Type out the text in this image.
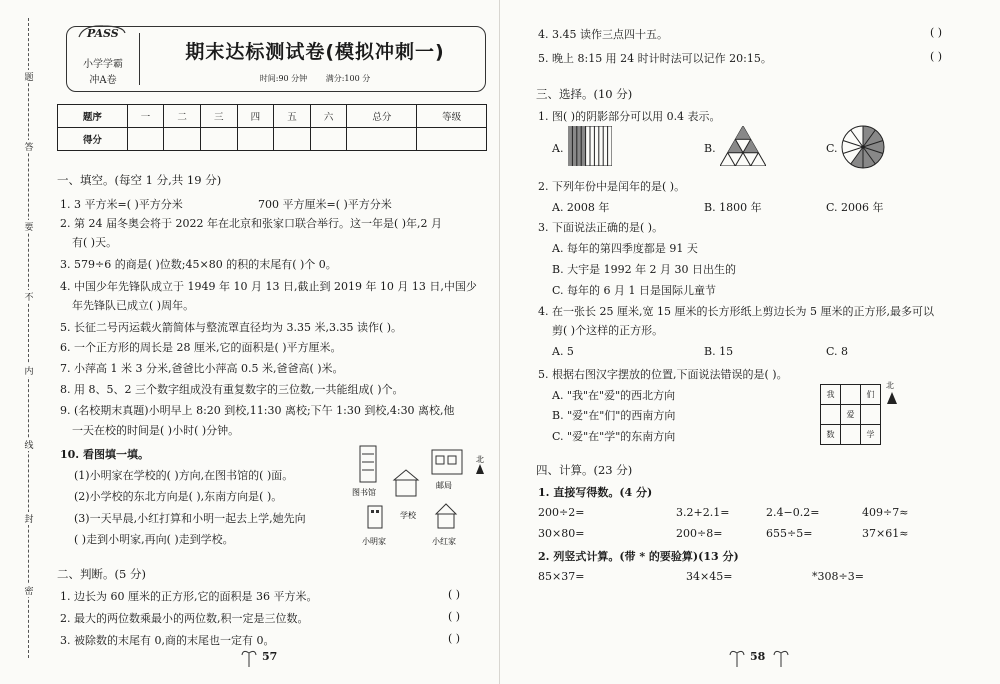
题
答
要
不
内
线
封
密
PASS
小学学霸
冲A卷
期末达标测试卷(模拟冲刺一)
时间:90 分钟 满分:100 分
题序	一	二	三	四	五	六	总分	等级
得分								
一、填空。(每空 1 分,共 19 分)
1. 3 平方米=( )平方分米	700 平方厘米=( )平方分米
2. 第 24 届冬奥会将于 2022 年在北京和张家口联合举行。这一年是( )年,2 月
有( )天。
3. 579÷6 的商是( )位数;45×80 的积的末尾有( )个 0。
4. 中国少年先锋队成立于 1949 年 10 月 13 日,截止到 2019 年 10 月 13 日,中国少
年先锋队已成立( )周年。
5. 长征二号丙运载火箭简体与整流罩直径均为 3.35 米,3.35 读作( )。
6. 一个正方形的周长是 28 厘米,它的面积是( )平方厘米。
7. 小萍高 1 米 3 分米,爸爸比小萍高 0.5 米,爸爸高( )米。
8. 用 8、5、2 三个数字组成没有重复数字的三位数,一共能组成( )个。
9. (名校期末真题)小明早上 8:20 到校,11:30 离校;下午 1:30 到校,4:30 离校,他
一天在校的时间是( )小时( )分钟。
10. 看图填一填。
(1)小明家在学校的( )方向,在图书馆的( )面。
(2)小学校的东北方向是( ),东南方向是( )。
(3)一天早晨,小红打算和小明一起去上学,她先向
( )走到小明家,再向( )走到学校。
图书馆
邮局
北
学校
小明家	小红家
二、判断。(5 分)
1. 边长为 60 厘米的正方形,它的面积是 36 平方米。	( )
2. 最大的两位数乘最小的两位数,积一定是三位数。	( )
3. 被除数的末尾有 0,商的末尾也一定有 0。	( )
57
4. 3.45 读作三点四十五。	( )
5. 晚上 8:15 用 24 时计时法可以记作 20:15。	( )
三、选择。(10 分)
1. 图( )的阴影部分可以用 0.4 表示。
A.	B.	C.
2. 下列年份中是闰年的是( )。
A. 2008 年	B. 1800 年	C. 2006 年
3. 下面说法正确的是( )。
A. 每年的第四季度都是 91 天
B. 大宇是 1992 年 2 月 30 日出生的
C. 每年的 6 月 1 日是国际儿童节
4. 在一张长 25 厘米,宽 15 厘米的长方形纸上剪边长为 5 厘米的正方形,最多可以
剪( )个这样的正方形。
A. 5	B. 15	C. 8
5. 根据右图汉字摆放的位置,下面说法错误的是( )。
A. "我"在"爱"的西北方向
B. "爱"在"们"的西南方向
C. "爱"在"学"的东南方向
我		们
	爱	
数		学
北
四、计算。(23 分)
1. 直接写得数。(4 分)
200÷2=	3.2+2.1=	2.4−0.2=	409÷7≈
30×80=	200÷8=	655÷5=	37×61≈
2. 列竖式计算。(带 * 的要验算)(13 分)
85×37=	34×45=	*308÷3=
58
